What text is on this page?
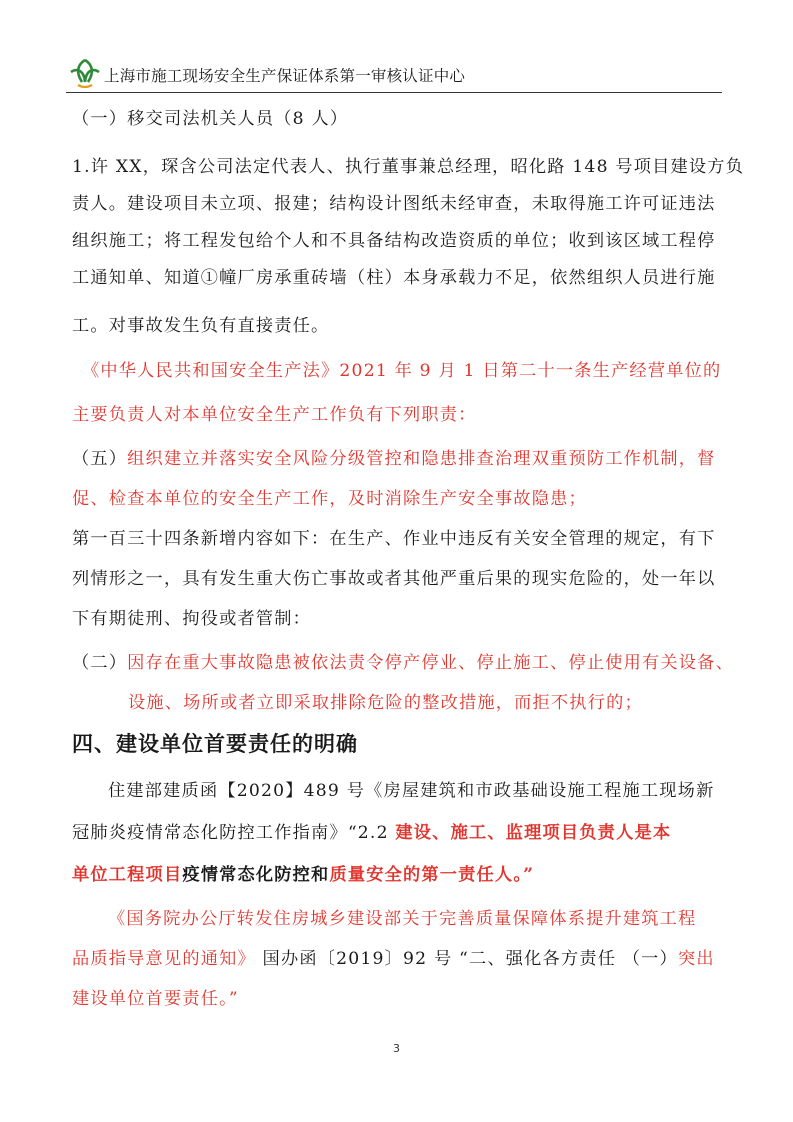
上海市施工现场安全生产保证体系第一审核认证中心
（一）移交司法机关人员（8 人）
1.许 XX，琛含公司法定代表人、执行董事兼总经理，昭化路 148 号项目建设方负
责人。建设项目未立项、报建；结构设计图纸未经审查，未取得施工许可证违法
组织施工；将工程发包给个人和不具备结构改造资质的单位；收到该区域工程停
工通知单、知道①幢厂房承重砖墙（柱）本身承载力不足，依然组织人员进行施
工。对事故发生负有直接责任。
《中华人民共和国安全生产法》2021 年 9 月 1 日第二十一条生产经营单位的
主要负责人对本单位安全生产工作负有下列职责：
（五）组织建立并落实安全风险分级管控和隐患排查治理双重预防工作机制，督
促、检查本单位的安全生产工作，及时消除生产安全事故隐患；
第一百三十四条新增内容如下：在生产、作业中违反有关安全管理的规定，有下
列情形之一，具有发生重大伤亡事故或者其他严重后果的现实危险的，处一年以
下有期徒刑、拘役或者管制：
（二）因存在重大事故隐患被依法责令停产停业、停止施工、停止使用有关设备、
设施、场所或者立即采取排除危险的整改措施，而拒不执行的；
四、建设单位首要责任的明确
住建部建质函【2020】489 号《房屋建筑和市政基础设施工程施工现场新
冠肺炎疫情常态化防控工作指南》“2.2 建设、施工、监理项目负责人是本
单位工程项目疫情常态化防控和质量安全的第一责任人。”
《国务院办公厅转发住房城乡建设部关于完善质量保障体系提升建筑工程
品质指导意见的通知》 国办函〔2019〕92 号 “二、强化各方责任 （一）突出
建设单位首要责任。”
3
